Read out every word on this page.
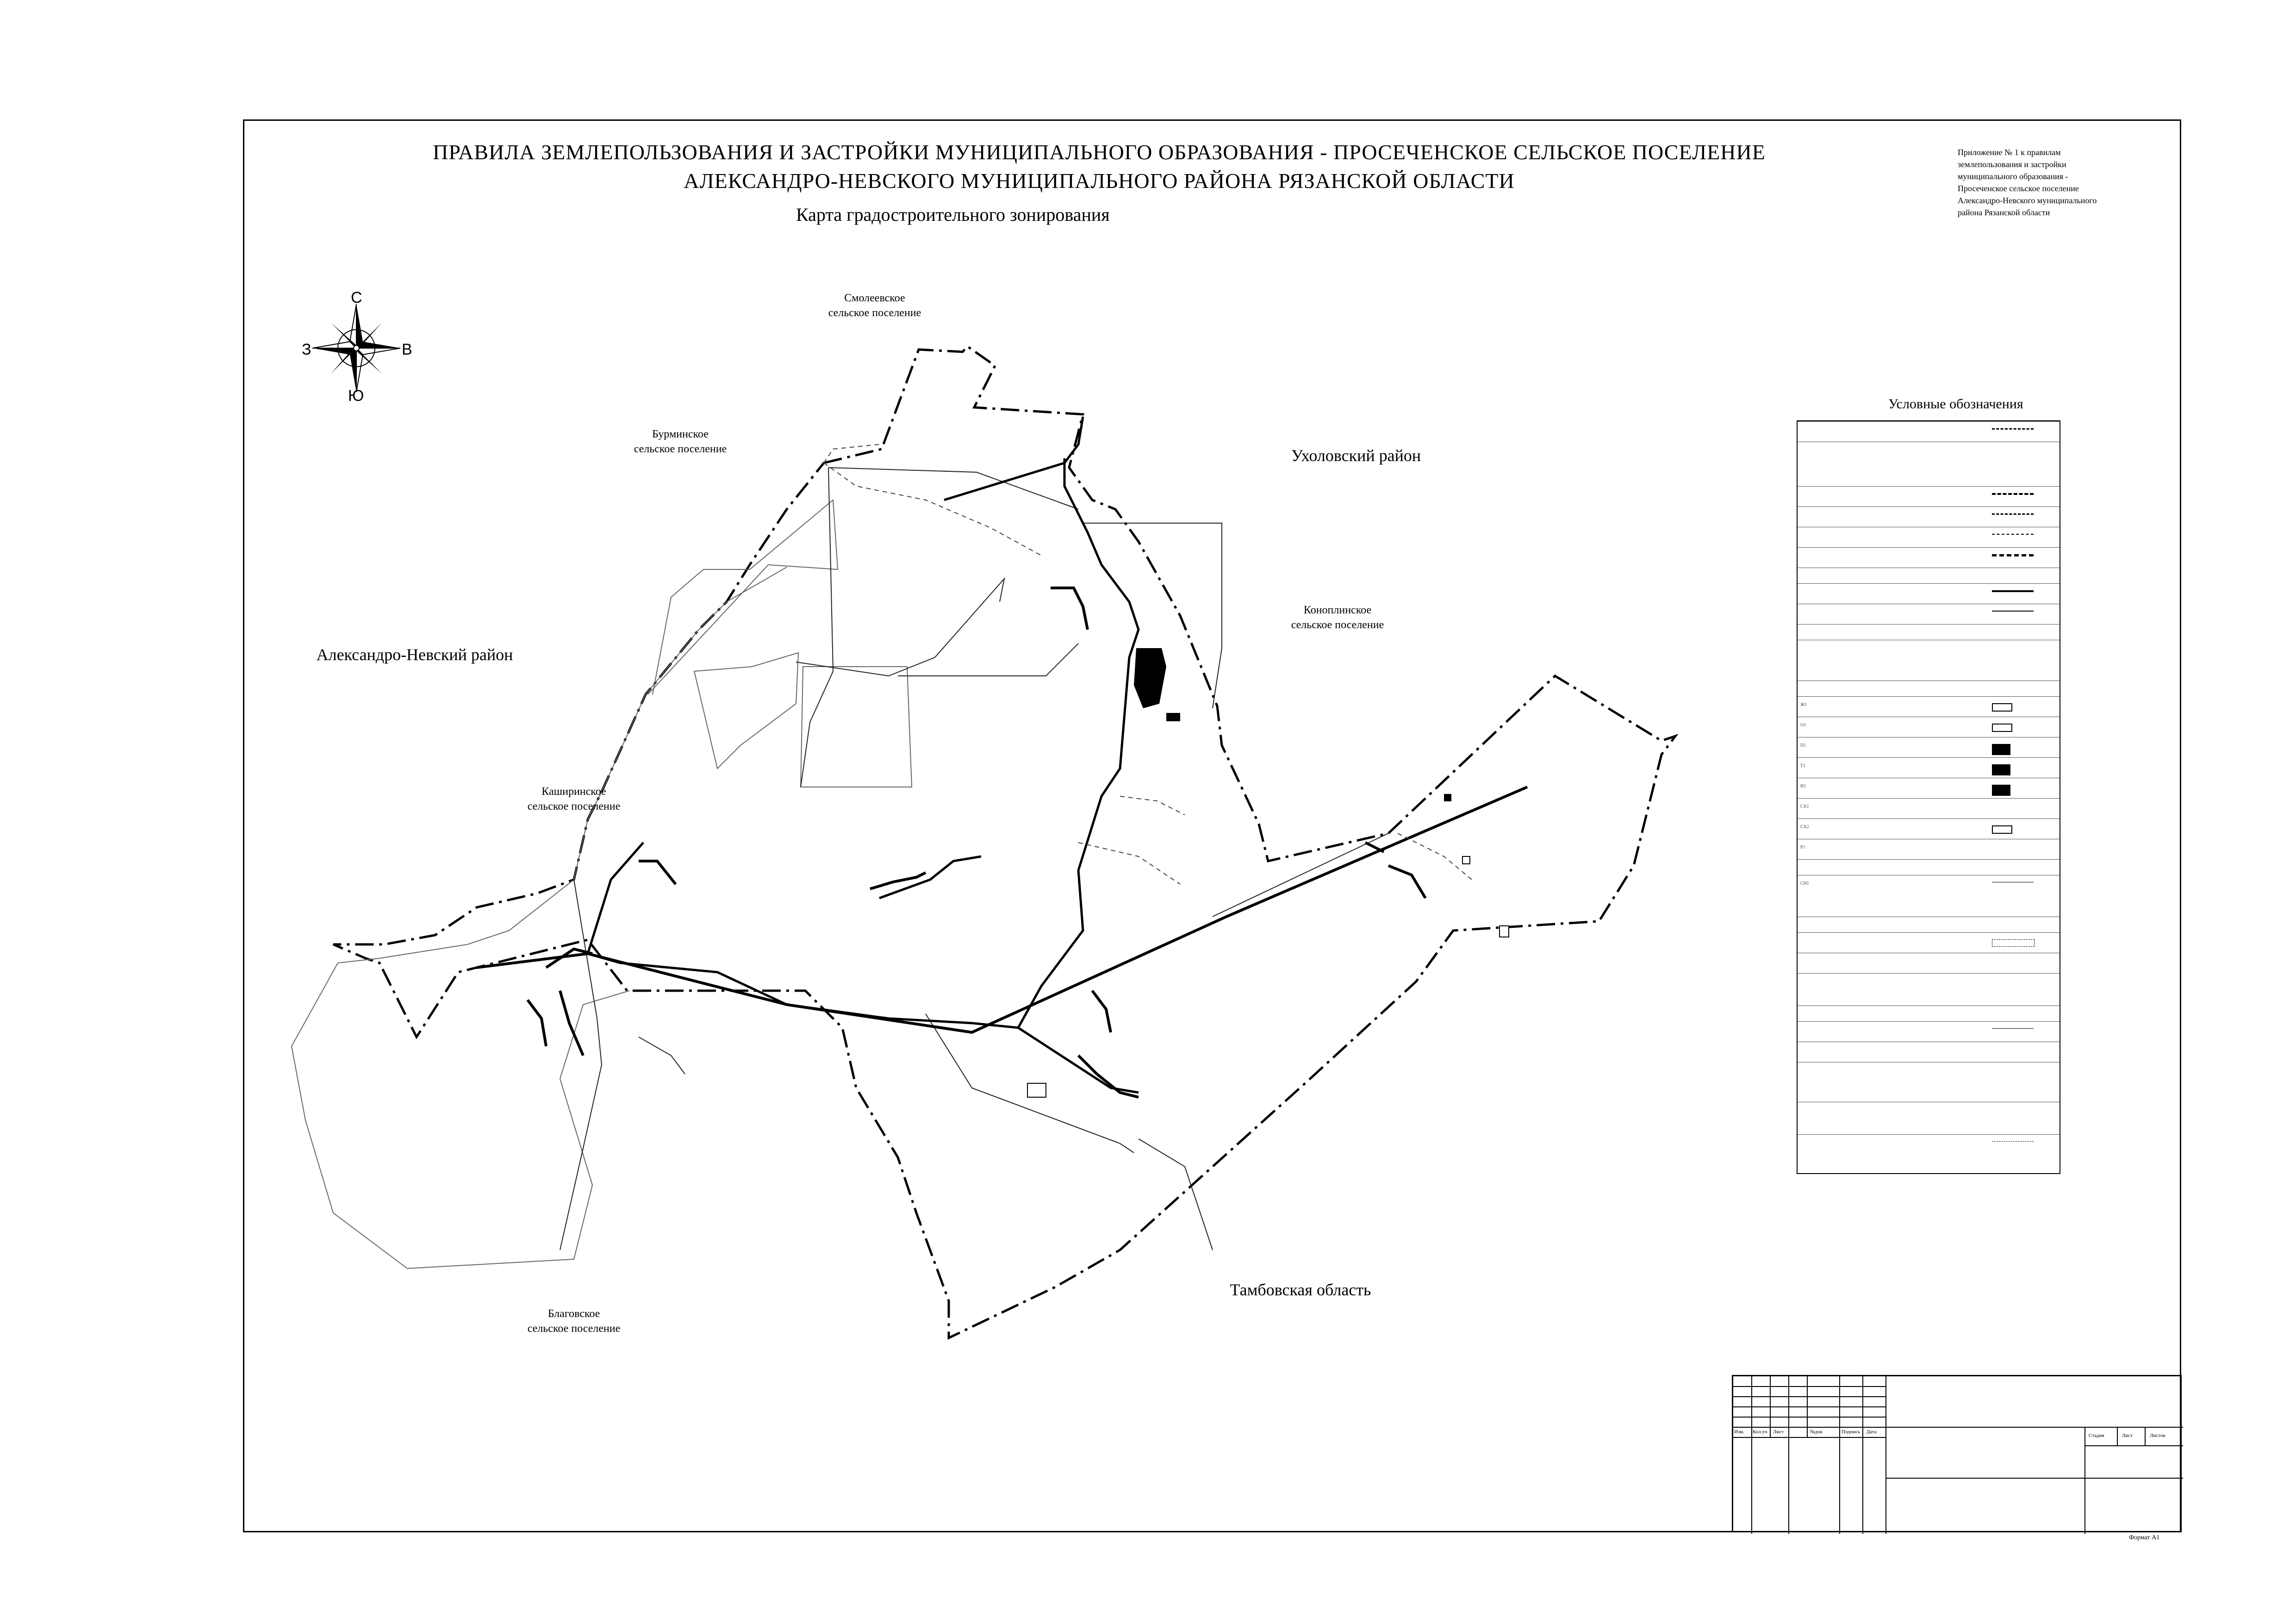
ПРАВИЛА ЗЕМЛЕПОЛЬЗОВАНИЯ И ЗАСТРОЙКИ МУНИЦИПАЛЬНОГО ОБРАЗОВАНИЯ - ПРОСЕЧЕНСКОЕ СЕЛЬСКОЕ ПОСЕЛЕНИЕ
АЛЕКСАНДРО-НЕВСКОГО МУНИЦИПАЛЬНОГО РАЙОНА РЯЗАНСКОЙ ОБЛАСТИ
Карта градостроительного зонирования
Приложение № 1 к правилам
землепользования и застройки
муниципального образования -
Просеченское сельское поселение
Александро-Невского муниципального
района Рязанской области
С
Ю
З	В
Смолеевское
сельское поселение
Бурминское
сельское поселение	Ухоловский район
Коноплинское
сельское поселение
Александро-Невский район
Каширинское
сельское поселение
Благовское
сельское поселение
Тамбовская область
Условные обозначения
Ж1
О1
П1
Т1
И1
СХ1
СХ2
Р1
СН1
Изм. Кол.уч Лист	№док	Подпись Дата
Стадия	Лист	Листов
Формат А1
